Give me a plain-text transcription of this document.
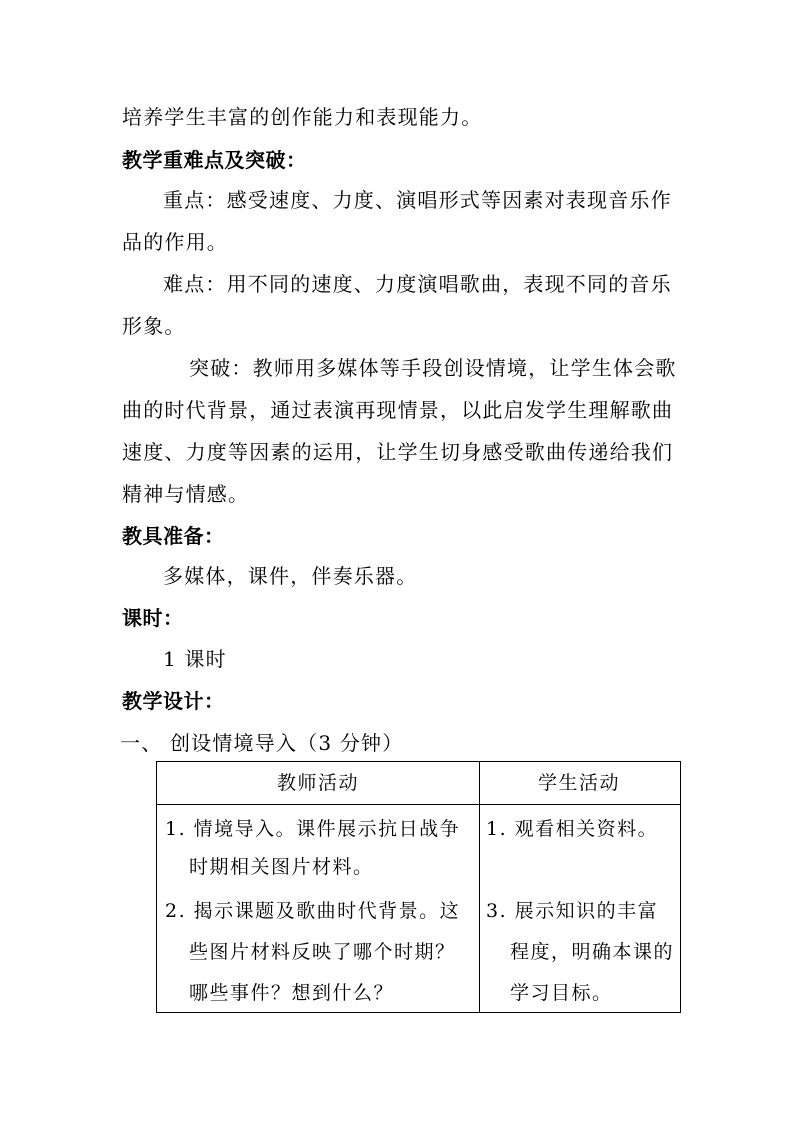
培养学生丰富的创作能力和表现能力。
教学重难点及突破：
重点：感受速度、力度、演唱形式等因素对表现音乐作
品的作用。
难点：用不同的速度、力度演唱歌曲，表现不同的音乐
形象。
突破：教师用多媒体等手段创设情境，让学生体会歌
曲的时代背景，通过表演再现情景，以此启发学生理解歌曲
速度、力度等因素的运用，让学生切身感受歌曲传递给我们
精神与情感。
教具准备：
多媒体，课件，伴奏乐器。
课时：
1 课时
教学设计：
一、 创设情境导入（3 分钟）
教师活动	学生活动
1. 情境导入。课件展示抗日战争
时期相关图片材料。
2. 揭示课题及歌曲时代背景。这
些图片材料反映了哪个时期？
哪些事件？想到什么？
1. 观看相关资料。
3. 展示知识的丰富
程度，明确本课的
学习目标。
